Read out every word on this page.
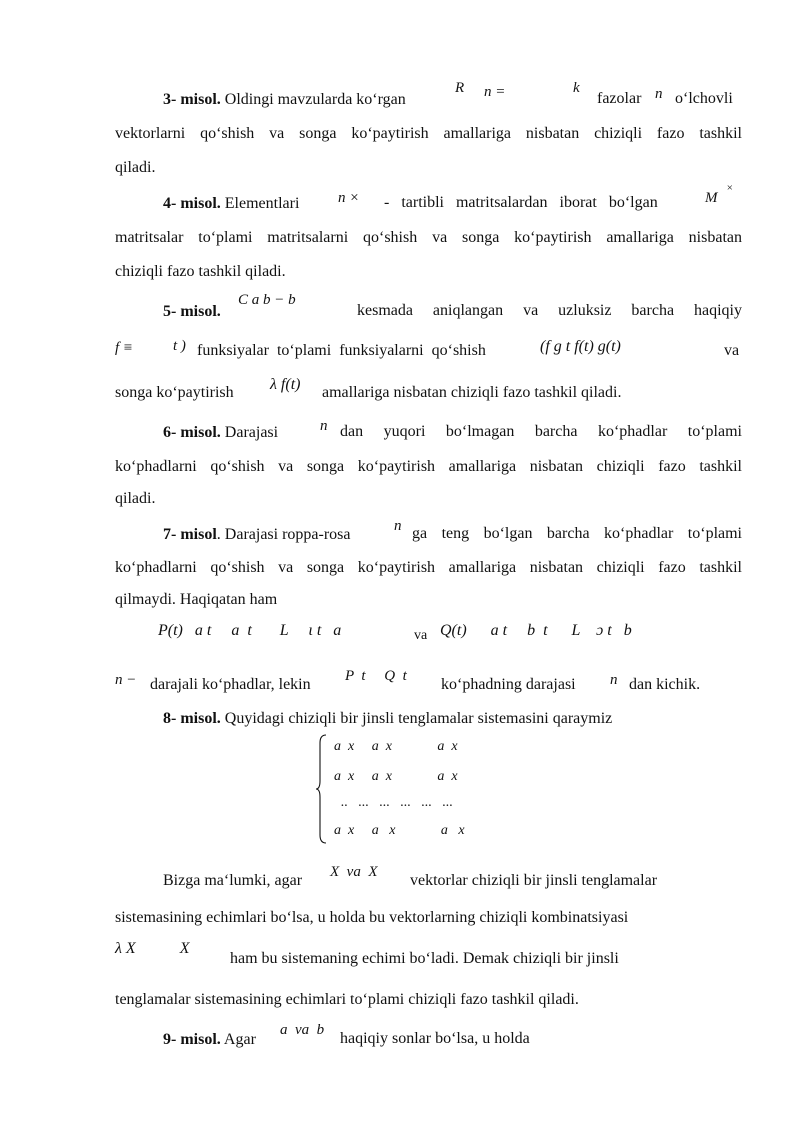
3- misol. Oldingi mavzularda ko‘rgan
R n =	k
fazolar n o‘lchovli
vektorlarni qo‘shish va songa ko‘paytirish amallariga nisbatan chiziqli fazo tashkil
qiladi.
4- misol. Elementlari	n × - tartibli matritsalardan iborat bo‘lgan	M
×
matritsalar to‘plami matritsalarni qo‘shish va songa ko‘paytirish amallariga nisbatan
chiziqli fazo tashkil qiladi.
5- misol.
C a b − b
kesmada aniqlangan va uzluksiz barcha haqiqiy
f ≡	t ) funksiyalar to‘plami funksiyalarni qo‘shish	(f g t f(t) g(t)	va
songa ko‘paytirish λ f(t) amallariga nisbatan chiziqli fazo tashkil qiladi.
6- misol. Darajasi	n dan yuqori bo‘lmagan barcha ko‘phadlar to‘plami
ko‘phadlarni qo‘shish va songa ko‘paytirish amallariga nisbatan chiziqli fazo tashkil
qiladi.
7- misol. Darajasi roppa-rosa	n ga teng bo‘lgan barcha ko‘phadlar to‘plami
ko‘phadlarni qo‘shish va songa ko‘paytirish amallariga nisbatan chiziqli fazo tashkil
qilmaydi. Haqiqatan ham
P(t)   a t     a  t       L     ι t   a	va Q(t)      a t     b  t      L    ɔ t   b
n − darajali ko‘phadlar, lekin P  t     Q  t ko‘phadning darajasi n dan kichik.
8- misol. Quyidagi chiziqli bir jinsli tenglamalar sistemasini qaraymiz
a  x     a  x             a  x
a  x     a  x             a  x
..   ...   ...   ...   ...   ...
a  x     a   x             a   x
Bizga ma‘lumki, agar X  va  X vektorlar chiziqli bir jinsli tenglamalar
sistemasining echimlari bo‘lsa, u holda bu vektorlarning chiziqli kombinatsiyasi
λ X           X
ham bu sistemaning echimi bo‘ladi. Demak chiziqli bir jinsli
tenglamalar sistemasining echimlari to‘plami chiziqli fazo tashkil qiladi.
9- misol. Agar
a  va  b haqiqiy sonlar bo‘lsa, u holda
